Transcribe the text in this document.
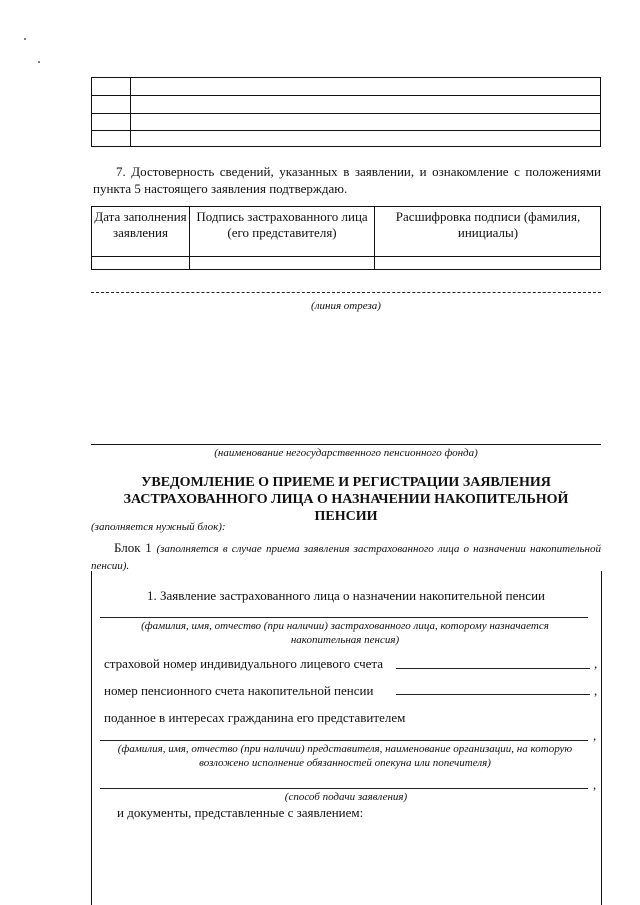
7. Достоверность сведений, указанных в заявлении, и ознакомление с положениями пункта 5 настоящего заявления подтверждаю.
Дата заполнения заявления
Подпись застрахованного лица (его представителя)
Расшифровка подписи (фамилия, инициалы)
(линия отреза)
(наименование негосударственного пенсионного фонда)
УВЕДОМЛЕНИЕ О ПРИЕМЕ И РЕГИСТРАЦИИ ЗАЯВЛЕНИЯ
ЗАСТРАХОВАННОГО ЛИЦА О НАЗНАЧЕНИИ НАКОПИТЕЛЬНОЙ ПЕНСИИ
(заполняется нужный блок):
Блок 1 (заполняется в случае приема заявления застрахованного лица о назначении накопительной пенсии).
1. Заявление застрахованного лица о назначении накопительной пенсии
(фамилия, имя, отчество (при наличии) застрахованного лица, которому назначается накопительная пенсия)
страховой номер индивидуального лицевого счета	,
номер пенсионного счета накопительной пенсии	,
поданное в интересах гражданина его представителем
,
(фамилия, имя, отчество (при наличии) представителя, наименование организации, на которую возложено исполнение обязанностей опекуна или попечителя)
,
(способ подачи заявления)
и документы, представленные с заявлением:
